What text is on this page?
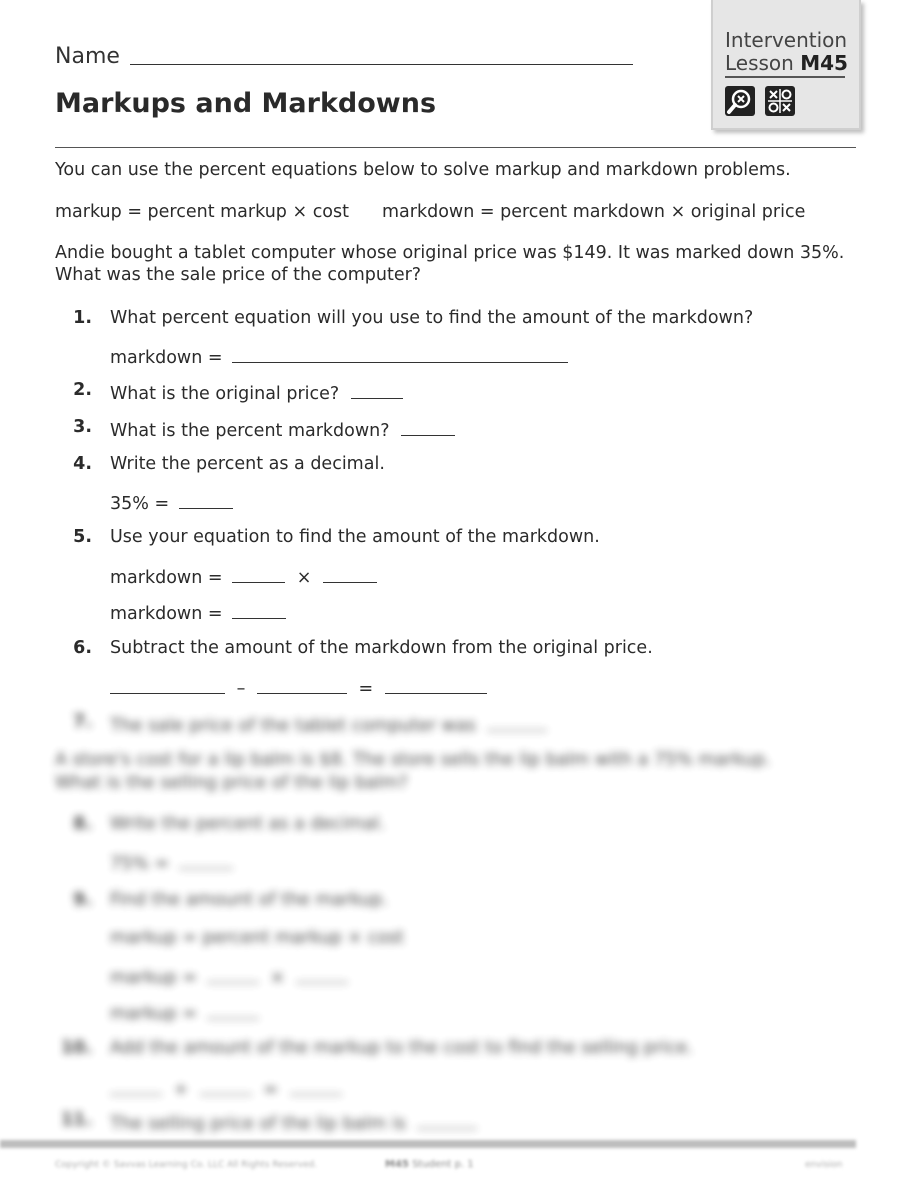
Name
Markups and Markdowns
Intervention
Lesson M45
You can use the percent equations below to solve markup and markdown problems.
markup = percent markup × cost markdown = percent markdown × original price
Andie bought a tablet computer whose original price was $149. It was marked down 35%.
What was the sale price of the computer?
1. What percent equation will you use to find the amount of the markdown?
markdown =
2. What is the original price?
3. What is the percent markdown?
4. Write the percent as a decimal.
35% =
5. Use your equation to find the amount of the markdown.
markdown =	×
markdown =
6. Subtract the amount of the markdown from the original price.
–	=
7. The sale price of the tablet computer was
A store's cost for a lip balm is $8. The store sells the lip balm with a 75% markup.
What is the selling price of the lip balm?
8. Write the percent as a decimal.
75% =
9. Find the amount of the markup.
markup = percent markup × cost
markup =	×
markup =
10. Add the amount of the markup to the cost to find the selling price.
+	=
11. The selling price of the lip balm is
Copyright © Savvas Learning Co. LLC All Rights Reserved.	M45 Student p. 1	envision
